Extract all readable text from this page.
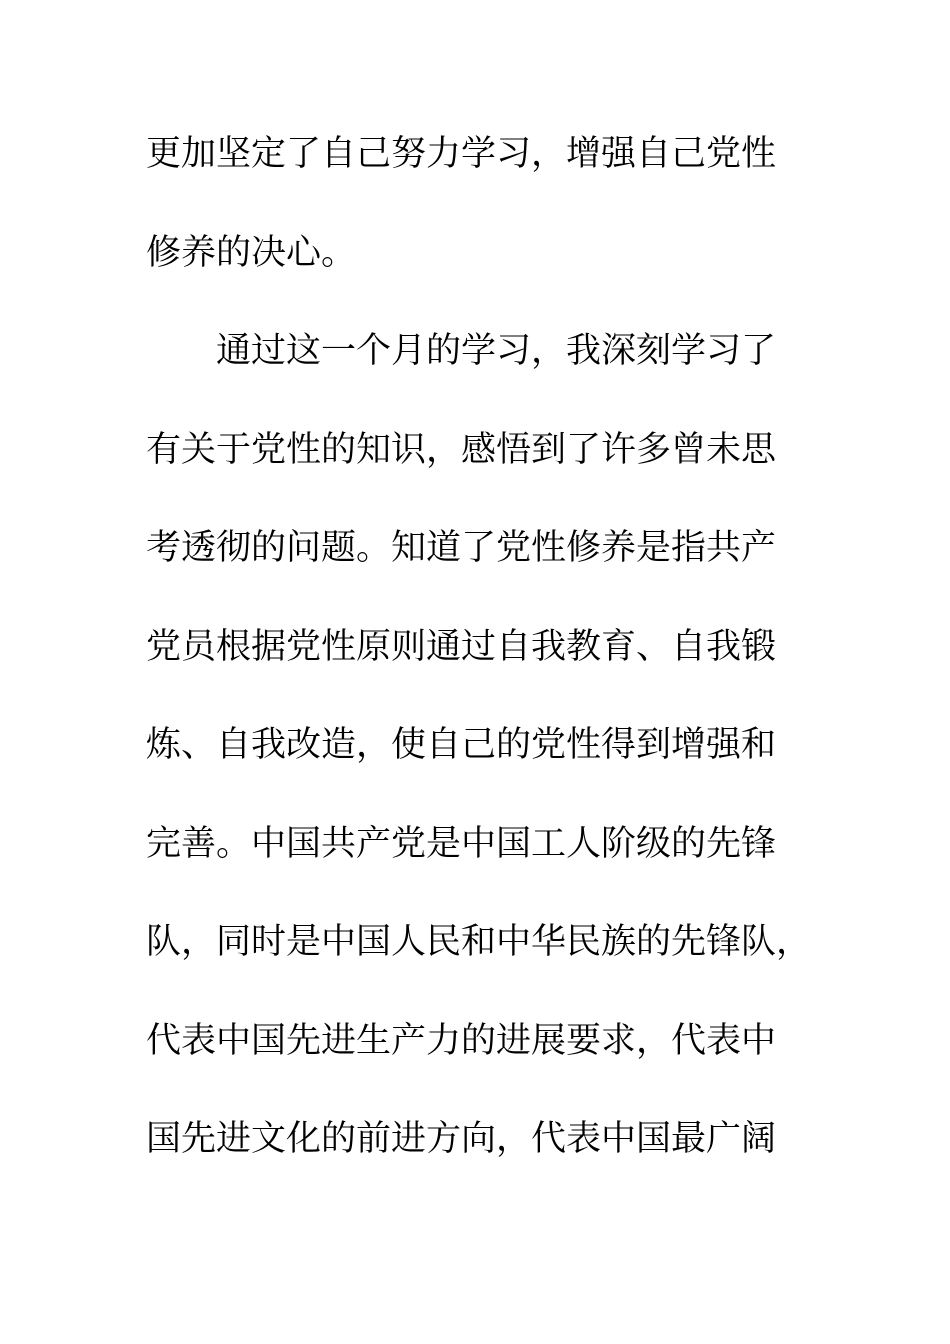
更加坚定了自己努力学习，增强自己党性
修养的决心。
通过这一个月的学习，我深刻学习了
有关于党性的知识，感悟到了许多曾未思
考透彻的问题。知道了党性修养是指共产
党员根据党性原则通过自我教育、自我锻
炼、自我改造，使自己的党性得到增强和
完善。中国共产党是中国工人阶级的先锋
队，同时是中国人民和中华民族的先锋队，
代表中国先进生产力的进展要求，代表中
国先进文化的前进方向，代表中国最广阔
